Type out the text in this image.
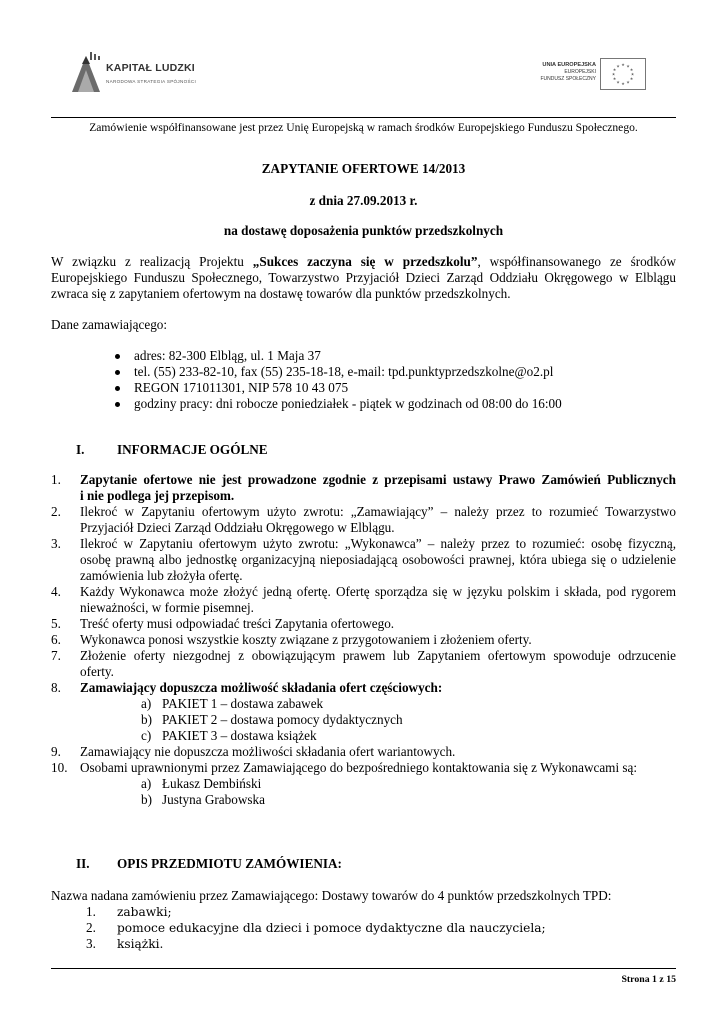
KAPITAŁ LUDZKI
NARODOWA STRATEGIA SPÓJNOŚCI
UNIA EUROPEJSKA
EUROPEJSKI
FUNDUSZ SPOŁECZNY
★ ★
★
★
★
★
★
★
★
★
★
★
Zamówienie współfinansowane jest przez Unię Europejską w ramach środków Europejskiego Funduszu Społecznego.
ZAPYTANIE OFERTOWE 14/2013
z dnia 27.09.2013 r.
na dostawę doposażenia punktów przedszkolnych

W związku z realizacją Projektu „Sukces zaczyna się w przedszkolu”, współfinansowanego ze środków Europejskiego Funduszu Społecznego, Towarzystwo Przyjaciół Dzieci Zarząd Oddziału Okręgowego w Elblągu zwraca się z zapytaniem ofertowym na dostawę towarów dla punktów przedszkolnych.

Dane zamawiającego:
adres: 82-300 Elbląg, ul. 1 Maja 37
tel. (55) 233-82-10, fax (55) 235-18-18, e-mail: tpd.punktyprzedszkolne@o2.pl
REGON 171011301, NIP 578 10 43 075
godziny pracy: dni robocze poniedziałek - piątek w godzinach od 08:00 do 16:00
I. INFORMACJE OGÓLNE
1. Zapytanie ofertowe nie jest prowadzone zgodnie z przepisami ustawy Prawo Zamówień Publicznych
i nie podlega jej przepisom.
2. Ilekroć w Zapytaniu ofertowym użyto zwrotu: „Zamawiający” – należy przez to rozumieć Towarzystwo
Przyjaciół Dzieci Zarząd Oddziału Okręgowego w Elblągu.
3. Ilekroć w Zapytaniu ofertowym użyto zwrotu: „Wykonawca” – należy przez to rozumieć: osobę fizyczną,
osobę prawną albo jednostkę organizacyjną nieposiadającą osobowości prawnej, która ubiega się o udzielenie
zamówienia lub złożyła ofertę.
4. Każdy Wykonawca może złożyć jedną ofertę. Ofertę sporządza się w języku polskim i składa, pod rygorem
nieważności, w formie pisemnej.
5. Treść oferty musi odpowiadać treści Zapytania ofertowego.
6. Wykonawca ponosi wszystkie koszty związane z przygotowaniem i złożeniem oferty.
7. Złożenie oferty niezgodnej z obowiązującym prawem lub Zapytaniem ofertowym spowoduje odrzucenie
oferty.
8. Zamawiający dopuszcza możliwość składania ofert częściowych:
a) PAKIET 1 – dostawa zabawek
b) PAKIET 2 – dostawa pomocy dydaktycznych
c) PAKIET 3 – dostawa książek
9. Zamawiający nie dopuszcza możliwości składania ofert wariantowych.
10. Osobami uprawnionymi przez Zamawiającego do bezpośredniego kontaktowania się z Wykonawcami są:
a) Łukasz Dembiński
b) Justyna Grabowska
II. OPIS PRZEDMIOTU ZAMÓWIENIA:
Nazwa nadana zamówieniu przez Zamawiającego: Dostawy towarów do 4 punktów przedszkolnych TPD:
1. zabawki;
2. pomoce edukacyjne dla dzieci i pomoce dydaktyczne dla nauczyciela;
3. książki.
Strona 1 z 15
